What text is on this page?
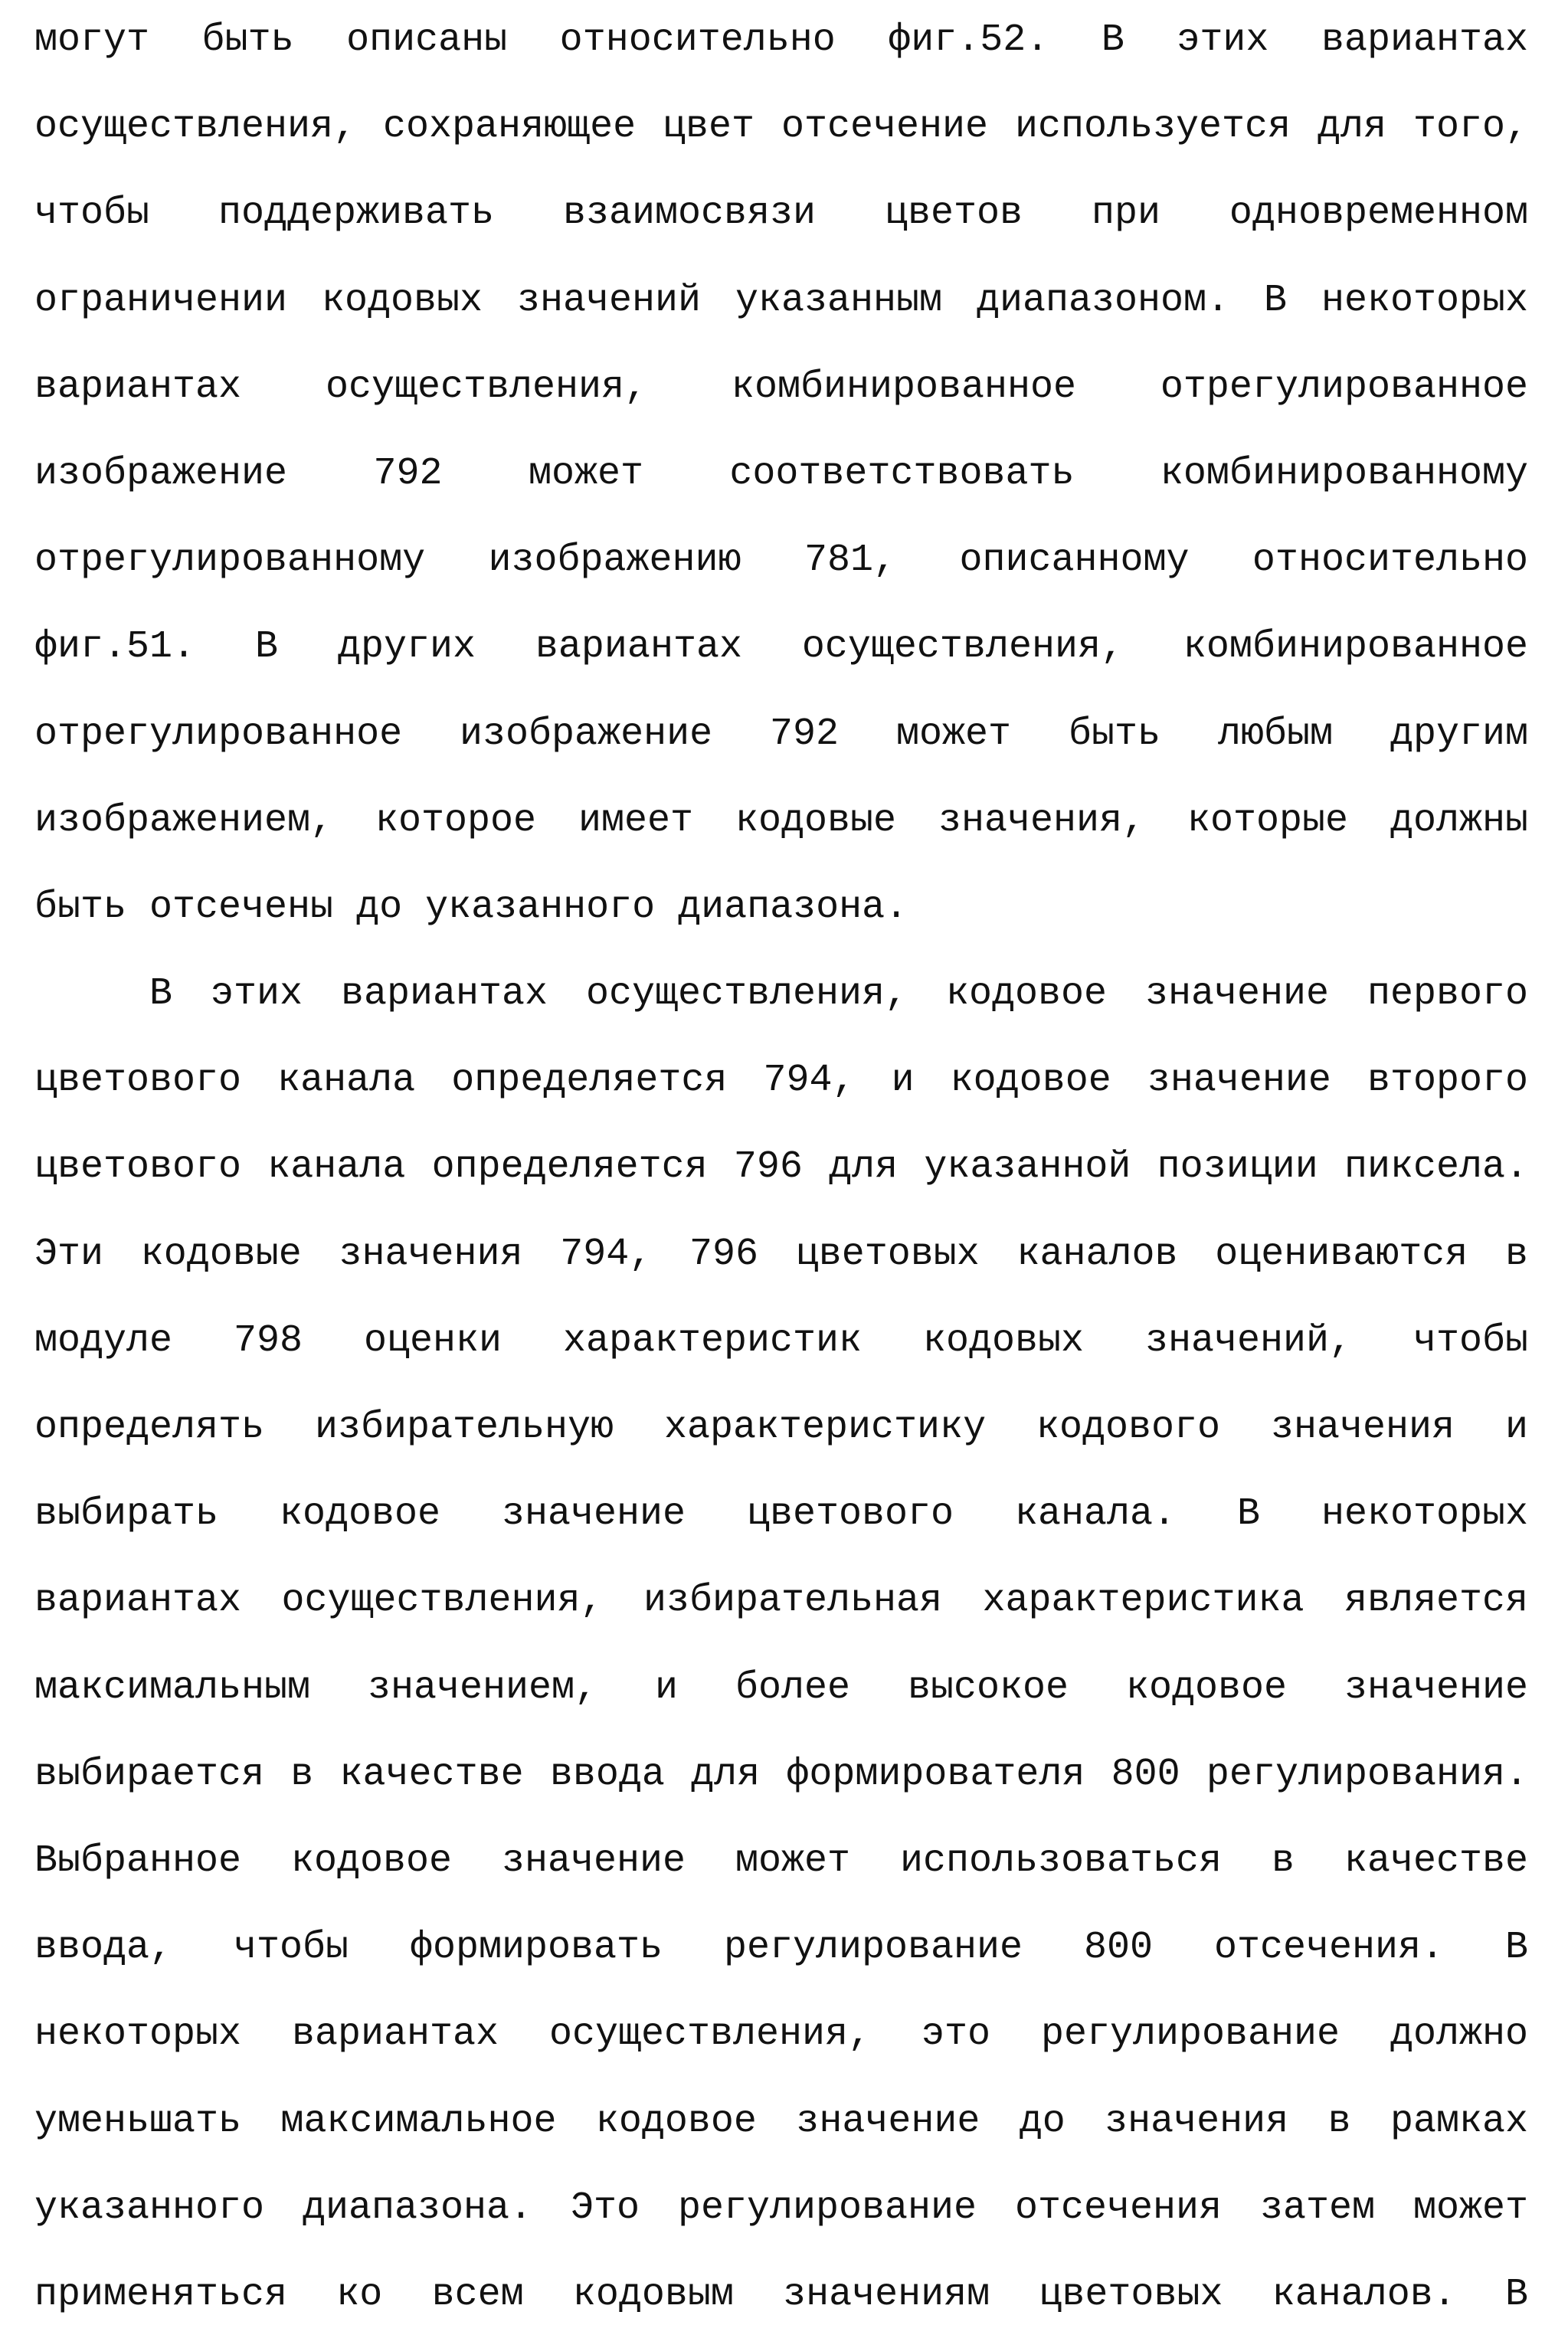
могут быть описаны относительно фиг.52. В этих вариантах
осуществления, сохраняющее цвет отсечение используется для того,
чтобы поддерживать взаимосвязи цветов при одновременном
ограничении кодовых значений указанным диапазоном. В некоторых
вариантах осуществления, комбинированное отрегулированное
изображение 792 может соответствовать комбинированному
отрегулированному изображению 781, описанному относительно
фиг.51. В других вариантах осуществления, комбинированное
отрегулированное изображение 792 может быть любым другим
изображением, которое имеет кодовые значения, которые должны
быть отсечены до указанного диапазона.
В этих вариантах осуществления, кодовое значение первого
цветового канала определяется 794, и кодовое значение второго
цветового канала определяется 796 для указанной позиции пиксела.
Эти кодовые значения 794, 796 цветовых каналов оцениваются в
модуле 798 оценки характеристик кодовых значений, чтобы
определять избирательную характеристику кодового значения и
выбирать кодовое значение цветового канала. В некоторых
вариантах осуществления, избирательная характеристика является
максимальным значением, и более высокое кодовое значение
выбирается в качестве ввода для формирователя 800 регулирования.
Выбранное кодовое значение может использоваться в качестве
ввода, чтобы формировать регулирование 800 отсечения. В
некоторых вариантах осуществления, это регулирование должно
уменьшать максимальное кодовое значение до значения в рамках
указанного диапазона. Это регулирование отсечения затем может
применяться ко всем кодовым значениям цветовых каналов. В
